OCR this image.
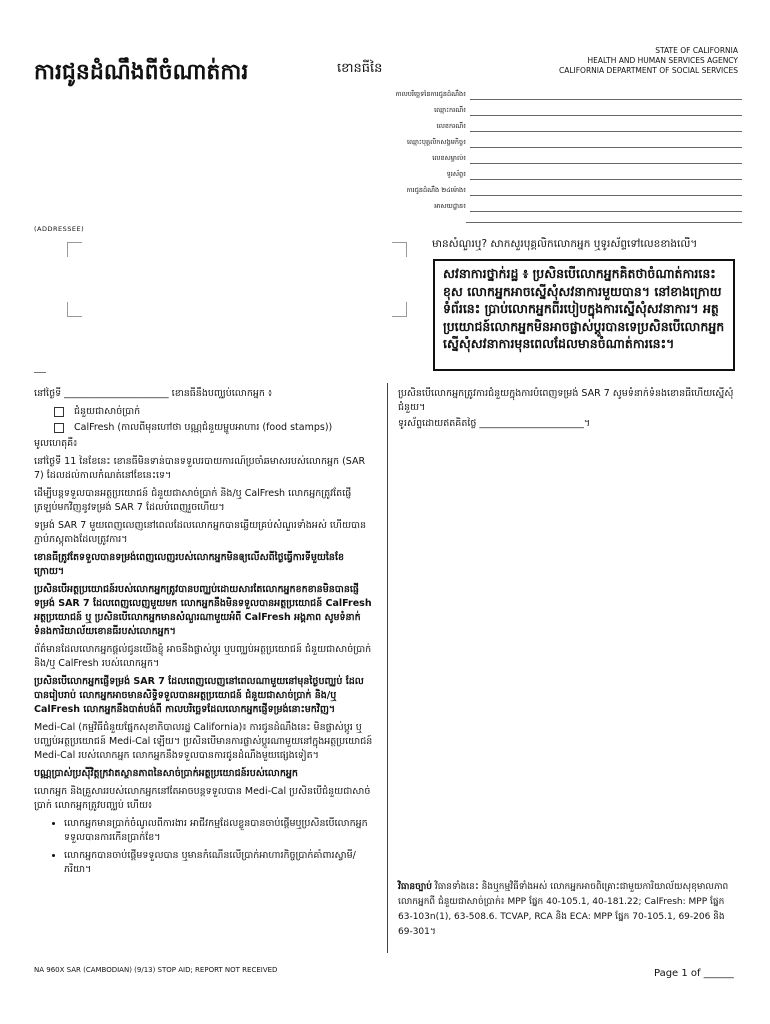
ការជូនដំណឹងពីចំណាត់ការ	ខោនធីនៃ
STATE OF CALIFORNIA
HEALTH AND HUMAN SERVICES AGENCY
CALIFORNIA DEPARTMENT OF SOCIAL SERVICES
កាលបរិច្ឆេទនៃការជូនដំណឹង៖
ឈ្មោះករណី៖
លេខករណី៖
ឈ្មោះបុគ្គលិកសង្គមកិច្ច៖
លេខសម្គាល់៖
ទូរស័ព្ទ៖
ការជូនដំណឹង ២៤ម៉ោង៖
អាសយដ្ឋាន៖
(ADDRESSEE)
មានសំណួរឬ? សាកសួរបុគ្គលិកលោកអ្នក ឬទូរស័ព្ទទៅលេខខាងលើ។
សវនាការថ្នាក់រដ្ឋ ៖ ប្រសិនបើលោកអ្នកគិតថាចំណាត់ការនេះខុស លោកអ្នកអាចស្នើសុំសវនាការមួយបាន។ នៅខាងក្រោយទំព័រនេះ ប្រាប់លោកអ្នកពីរបៀបក្នុងការស្នើសុំសវនាការ។ អត្ថប្រយោជន៍លោកអ្នកមិនអាចផ្លាស់ប្តូរបានទេប្រសិនបើលោកអ្នកស្នើសុំសវនាការមុនពេលដែលមានចំណាត់ការនេះ។

នៅថ្ងៃទី ______________________ ខោនធីនឹងបញ្ឈប់លោកអ្នក ៖

ជំនួយជាសាច់ប្រាក់
CalFresh (កាលពីមុនហៅថា បណ្ណជំនួយម្ហូបអាហារ (food stamps))

មូលហេតុគឺ៖

នៅថ្ងៃទី 11 នៃខែនេះ ខោនធីមិនទាន់បានទទួលរបាយការណ៍ប្រចាំឆមាសរបស់លោកអ្នក (SAR 7) ដែលដល់កាលកំណត់នៅខែនេះទេ។

ដើម្បីបន្តទទួលបានអត្ថប្រយោជន៍ ជំនួយជាសាច់ប្រាក់ និង/ឬ CalFresh លោកអ្នកត្រូវតែផ្ញើត្រឡប់មកវិញនូវទម្រង់ SAR 7 ដែលបំពេញរួចហើយ។

ទម្រង់ SAR 7 មួយពេញលេញនៅពេលដែលលោកអ្នកបានឆ្លើយគ្រប់សំណួរទាំងអស់ ហើយបានភ្ជាប់ភស្តុតាងដែលត្រូវការ។

ខោនធីត្រូវតែទទួលបានទម្រង់ពេញលេញរបស់លោកអ្នកមិនឲ្យលើសពីថ្ងៃធ្វើការទីមួយនៃខែក្រោយ។

ប្រសិនបើអត្ថប្រយោជន៍របស់លោកអ្នកត្រូវបានបញ្ឈប់ដោយសារតែលោកអ្នកខកខានមិនបានផ្ញើទម្រង់ SAR 7 ដែលពេញលេញមួយមក លោកអ្នកនឹងមិនទទួលបានអត្ថប្រយោជន៍ CalFresh អត្ថប្រយោជន៍ ឬ ប្រសិនបើលោកអ្នកមានសំណួរណាមួយអំពី CalFresh អង្គភាព សូមទំនាក់ទំនងការិយាល័យខោនធីរបស់លោកអ្នក។

ព័ត៌មានដែលលោកអ្នកផ្តល់ជូនយើងខ្ញុំ អាចនឹងផ្លាស់ប្តូរ ឬបញ្ឈប់អត្ថប្រយោជន៍ ជំនួយជាសាច់ប្រាក់ និង/ឬ CalFresh របស់លោកអ្នក។

ប្រសិនបើលោកអ្នកផ្ញើទម្រង់ SAR 7 ដែលពេញលេញនៅពេលណាមួយនៅមុនថ្ងៃបញ្ឈប់ ដែលបានរៀបរាប់ លោកអ្នកអាចមានសិទ្ធិទទួលបានអត្ថប្រយោជន៍ ជំនួយជាសាច់ប្រាក់ និង/ឬ CalFresh លោកអ្នកនឹងបាត់បង់ពី កាលបរិច្ឆេទដែលលោកអ្នកផ្ញើទម្រង់នោះមកវិញ។

Medi-Cal (កម្មវិធីជំនួយផ្នែកសុខាភិបាលរដ្ឋ California)៖ ការជូនដំណឹងនេះ មិនផ្លាស់ប្តូរ ឬបញ្ឈប់អត្ថប្រយោជន៍ Medi-Cal ឡើយ។ ប្រសិនបើមានការផ្លាស់ប្តូរណាមួយនៅក្នុងអត្ថប្រយោជន៍ Medi-Cal របស់លោកអ្នក លោកអ្នកនឹងទទួលបានការជូនដំណឹងមួយផ្សេងទៀត។

បណ្ណប្រាស់ប្រស៊ីវិត្តក្រវាតស្ថានភាពនៃសាច់ប្រាក់អត្ថប្រយោជន៍របស់លោកអ្នក

លោកអ្នក និងគ្រួសាររបស់លោកអ្នកនៅតែអាចបន្តទទួលបាន Medi-Cal ប្រសិនបើជំនួយជាសាច់ប្រាក់ លោកអ្នកត្រូវបញ្ឈប់ ហើយ៖

• លោកអ្នកមានប្រាក់ចំណូលពីការងារ អាជីវកម្មដែលខ្លួនបានចាប់ផ្តើមឬប្រសិនបើលោកអ្នកទទួលបានការកើនប្រាក់ខែ។
• លោកអ្នកបានចាប់ផ្តើមទទួលបាន ឬមានកំណើនលើប្រាក់អាហារកិច្ចប្រាក់គាំពារស្វាមី/ភរិយា។

ប្រសិនបើលោកអ្នកត្រូវការជំនួយក្នុងការបំពេញទម្រង់ SAR 7 សូមទំនាក់ទំនងខោនធីហើយស្នើសុំជំនួយ។

ទូរស័ព្ទដោយឥតគិតថ្លៃ ______________________។

វិធានច្បាប់ វិធានទាំងនេះ និងឬកម្មវិធីទាំងអស់ លោកអ្នកអាចពិគ្រោះជាមួយការិយាល័យសុខុមាលភាពលោកអ្នកពី ជំនួយជាសាច់ប្រាក់៖ MPP ផ្នែក 40-105.1, 40-181.22; CalFresh: MPP ផ្នែក 63-103n(1), 63-508.6. TCVAP, RCA និង ECA: MPP ផ្នែក 70-105.1, 69-206 និង 69-301។
NA 960X SAR (CAMBODIAN) (9/13) STOP AID; REPORT NOT RECEIVED	Page 1 of ______
